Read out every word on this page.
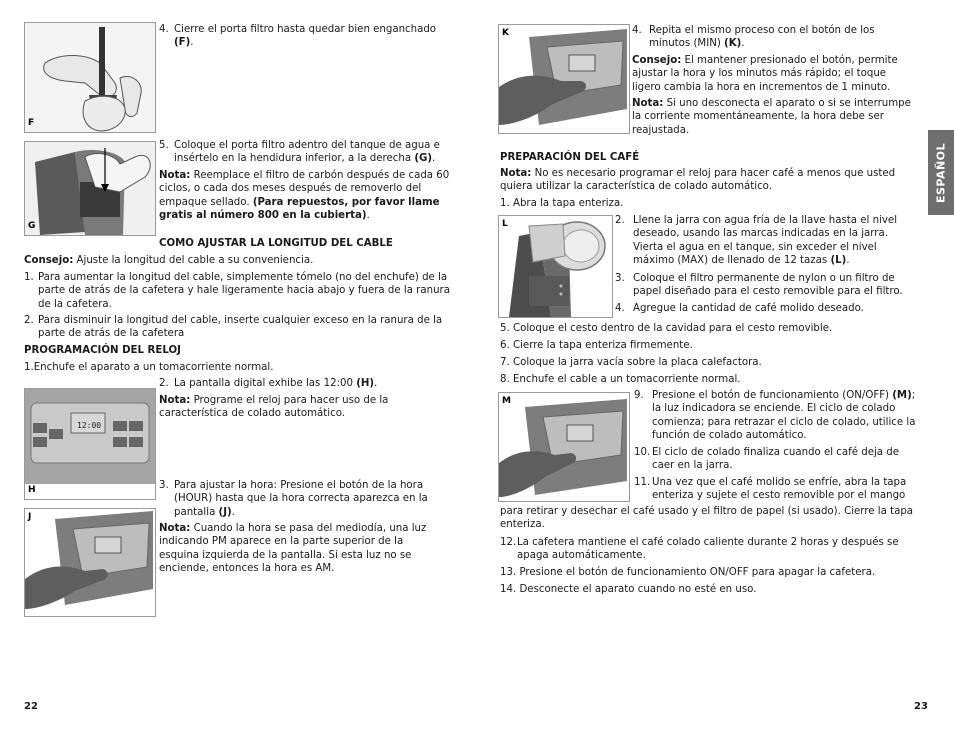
F
G
4. Cierre el porta filtro hasta quedar bien enganchado (F).
5. Coloque el porta filtro adentro del tanque de agua e insértelo en la hendidura inferior, a la derecha (G).
Nota: Reemplace el filtro de carbón después de cada 60 ciclos, o cada dos meses después de removerlo del empaque sellado. (Para repuestos, por favor llame gratis al número 800 en la cubierta).
COMO AJUSTAR LA LONGITUD DEL CABLE
Consejo: Ajuste la longitud del cable a su conveniencia.
1. Para aumentar la longitud del cable, simplemente tómelo (no del enchufe) de la parte de atrás de la cafetera y hale ligeramente hacia abajo y fuera de la ranura de la cafetera.
2. Para disminuir la longitud del cable, inserte cualquier exceso en la ranura de la parte de atrás de la cafetera
PROGRAMACIÓN DEL RELOJ
1.Enchufe el aparato a un tomacorriente normal.
12:00
H
2. La pantalla digital exhibe las 12:00 (H).
Nota: Programe el reloj para hacer uso de la característica de colado automático.
J
3. Para ajustar la hora: Presione el botón de la hora (HOUR) hasta que la hora correcta aparezca en la pantalla (J).
Nota: Cuando la hora se pasa del mediodía, una luz indicando PM aparece en la parte superior de la esquina izquierda de la pantalla. Si esta luz no se enciende, entonces la hora es AM.
22
K	4. Repita el mismo proceso con el botón de los minutos (MIN) (K).
Consejo: El mantener presionado el botón, permite ajustar la hora y los minutos más rápido; el toque ligero cambia la hora en incrementos de 1 minuto.
Nota: Si uno desconecta el aparato o si se interrumpe la corriente momentáneamente, la hora debe ser reajustada.
PREPARACIÓN DEL CAFÉ
Nota: No es necesario programar el reloj para hacer café a menos que usted quiera utilizar la característica de colado automático.
1. Abra la tapa enteriza.
L	2. Llene la jarra con agua fría de la llave hasta el nivel deseado, usando las marcas indicadas en la jarra. Vierta el agua en el tanque, sin exceder el nivel máximo (MAX) de llenado de 12 tazas (L).
3. Coloque el filtro permanente de nylon o un filtro de papel diseñado para el cesto removible para el filtro.
4. Agregue la cantidad de café molido deseado.
5. Coloque el cesto dentro de la cavidad para el cesto removible.
6. Cierre la tapa enteriza firmemente.
7. Coloque la jarra vacía sobre la placa calefactora.
8. Enchufe el cable a un tomacorriente normal.
M	9. Presione el botón de funcionamiento (ON/OFF) (M); la luz indicadora se enciende. El ciclo de colado comienza; para retrazar el ciclo de colado, utilice la función de colado automático.
10. El ciclo de colado finaliza cuando el café deja de caer en la jarra.
11. Una vez que el café molido se enfríe, abra la tapa enteriza y sujete el cesto removible por el mango
para retirar y desechar el café usado y el filtro de papel (si usado). Cierre la tapa enteriza.
12. La cafetera mantiene el café colado caliente durante 2 horas y después se apaga automáticamente.
13. Presione el botón de funcionamiento ON/OFF para apagar la cafetera.
14. Desconecte el aparato cuando no esté en uso.
23
ESPAÑOL
